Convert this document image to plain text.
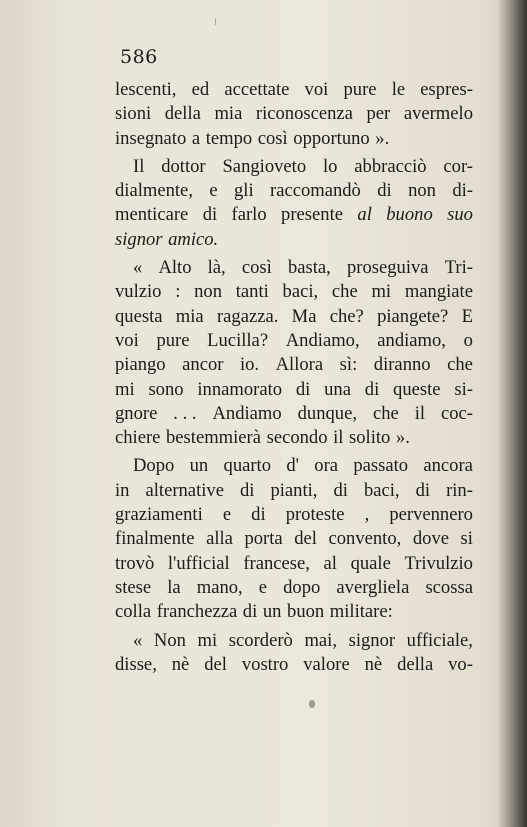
586
lescenti, ed accettate voi pure le espres-
sioni della mia riconoscenza per avermelo
insegnato a tempo così opportuno ».
Il dottor Sangioveto lo abbracciò cor-
dialmente, e gli raccomandò di non di-
menticare di farlo presente al buono suo
signor amico.
« Alto là, così basta, proseguiva Tri-
vulzio : non tanti baci, che mi mangiate
questa mia ragazza. Ma che? piangete? E
voi pure Lucilla? Andiamo, andiamo, o
piango ancor io. Allora sì: diranno che
mi sono innamorato di una di queste si-
gnore . . . Andiamo dunque, che il coc-
chiere bestemmierà secondo il solito ».
Dopo un quarto d' ora passato ancora
in alternative di pianti, di baci, di rin-
graziamenti e di proteste , pervennero
finalmente alla porta del convento, dove si
trovò l'ufficial francese, al quale Trivulzio
stese la mano, e dopo avergliela scossa
colla franchezza di un buon militare:
« Non mi scorderò mai, signor ufficiale,
disse, nè del vostro valore nè della vo-
